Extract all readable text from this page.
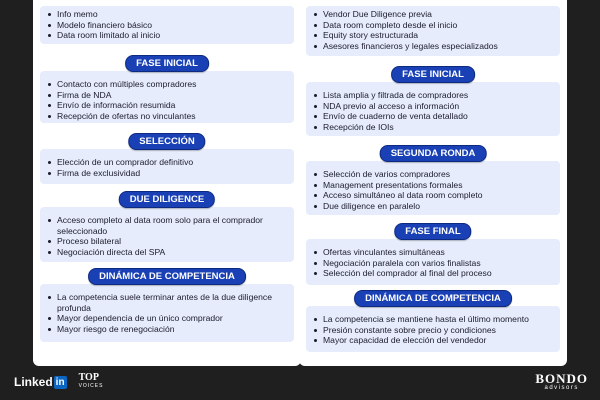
Info memo
Modelo financiero básico
Data room limitado al inicio
FASE INICIAL
Contacto con múltiples compradores
Firma de NDA
Envío de información resumida
Recepción de ofertas no vinculantes
SELECCIÓN
Elección de un comprador definitivo
Firma de exclusividad
DUE DILIGENCE
Acceso completo al data room solo para el comprador seleccionado
Proceso bilateral
Negociación directa del SPA
DINÁMICA DE COMPETENCIA
La competencia suele terminar antes de la due diligence profunda
Mayor dependencia de un único comprador
Mayor riesgo de renegociación
Vendor Due Diligence previa
Data room completo desde el inicio
Equity story estructurada
Asesores financieros y legales especializados
FASE INICIAL
Lista amplia y filtrada de compradores
NDA previo al acceso a información
Envío de cuaderno de venta detallado
Recepción de IOIs
SEGUNDA RONDA
Selección de varios compradores
Management presentations formales
Acceso simultáneo al data room completo
Due diligence en paralelo
FASE FINAL
Ofertas vinculantes simultáneas
Negociación paralela con varios finalistas
Selección del comprador al final del proceso
DINÁMICA DE COMPETENCIA
La competencia se mantiene hasta el último momento
Presión constante sobre precio y condiciones
Mayor capacidad de elección del vendedor
Linked in TOP
VOICES	BONDO
advisors
